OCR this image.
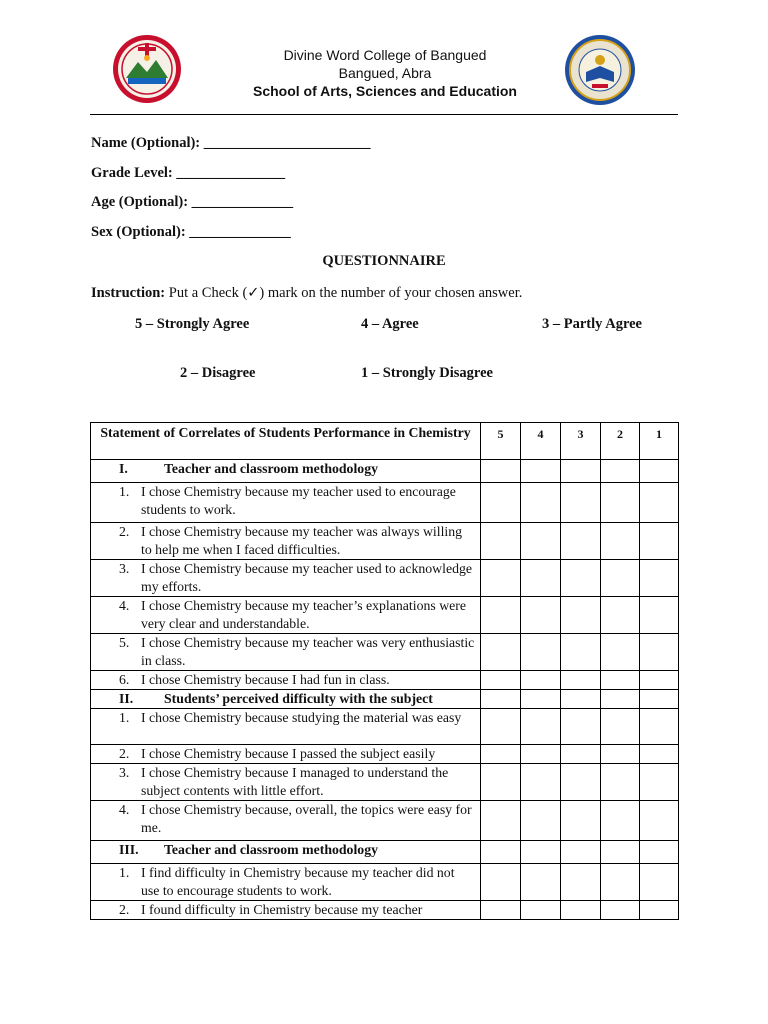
Divine Word College of Bangued
Bangued, Abra
School of Arts, Sciences and Education
Name (Optional): _______________________
Grade Level: _______________
Age (Optional): ______________
Sex (Optional): ______________
QUESTIONNAIRE
Instruction: Put a Check (✓) mark on the number of your chosen answer.
5 – Strongly Agree	4 – Agree	3 – Partly Agree
2 – Disagree	1 – Strongly Disagree
Statement of Correlates of Students Performance in Chemistry	5	4	3	2	1
I. Teacher and classroom methodology					

1. I chose Chemistry because my teacher used to encourage students to work.					

2. I chose Chemistry because my teacher was always willing to help me when I faced difficulties.					

3. I chose Chemistry because my teacher used to acknowledge my efforts.					

4. I chose Chemistry because my teacher’s explanations were very clear and understandable.					

5. I chose Chemistry because my teacher was very enthusiastic in class.					

6. I chose Chemistry because I had fun in class.					

II. Students’ perceived difficulty with the subject					

1. I chose Chemistry because studying the material was easy					

2. I chose Chemistry because I passed the subject easily					

3. I chose Chemistry because I managed to understand the subject contents with little effort.					

4. I chose Chemistry because, overall, the topics were easy for me.					

III. Teacher and classroom methodology					

1. I find difficulty in Chemistry because my teacher did not use to encourage students to work.					

2. I found difficulty in Chemistry because my teacher					
